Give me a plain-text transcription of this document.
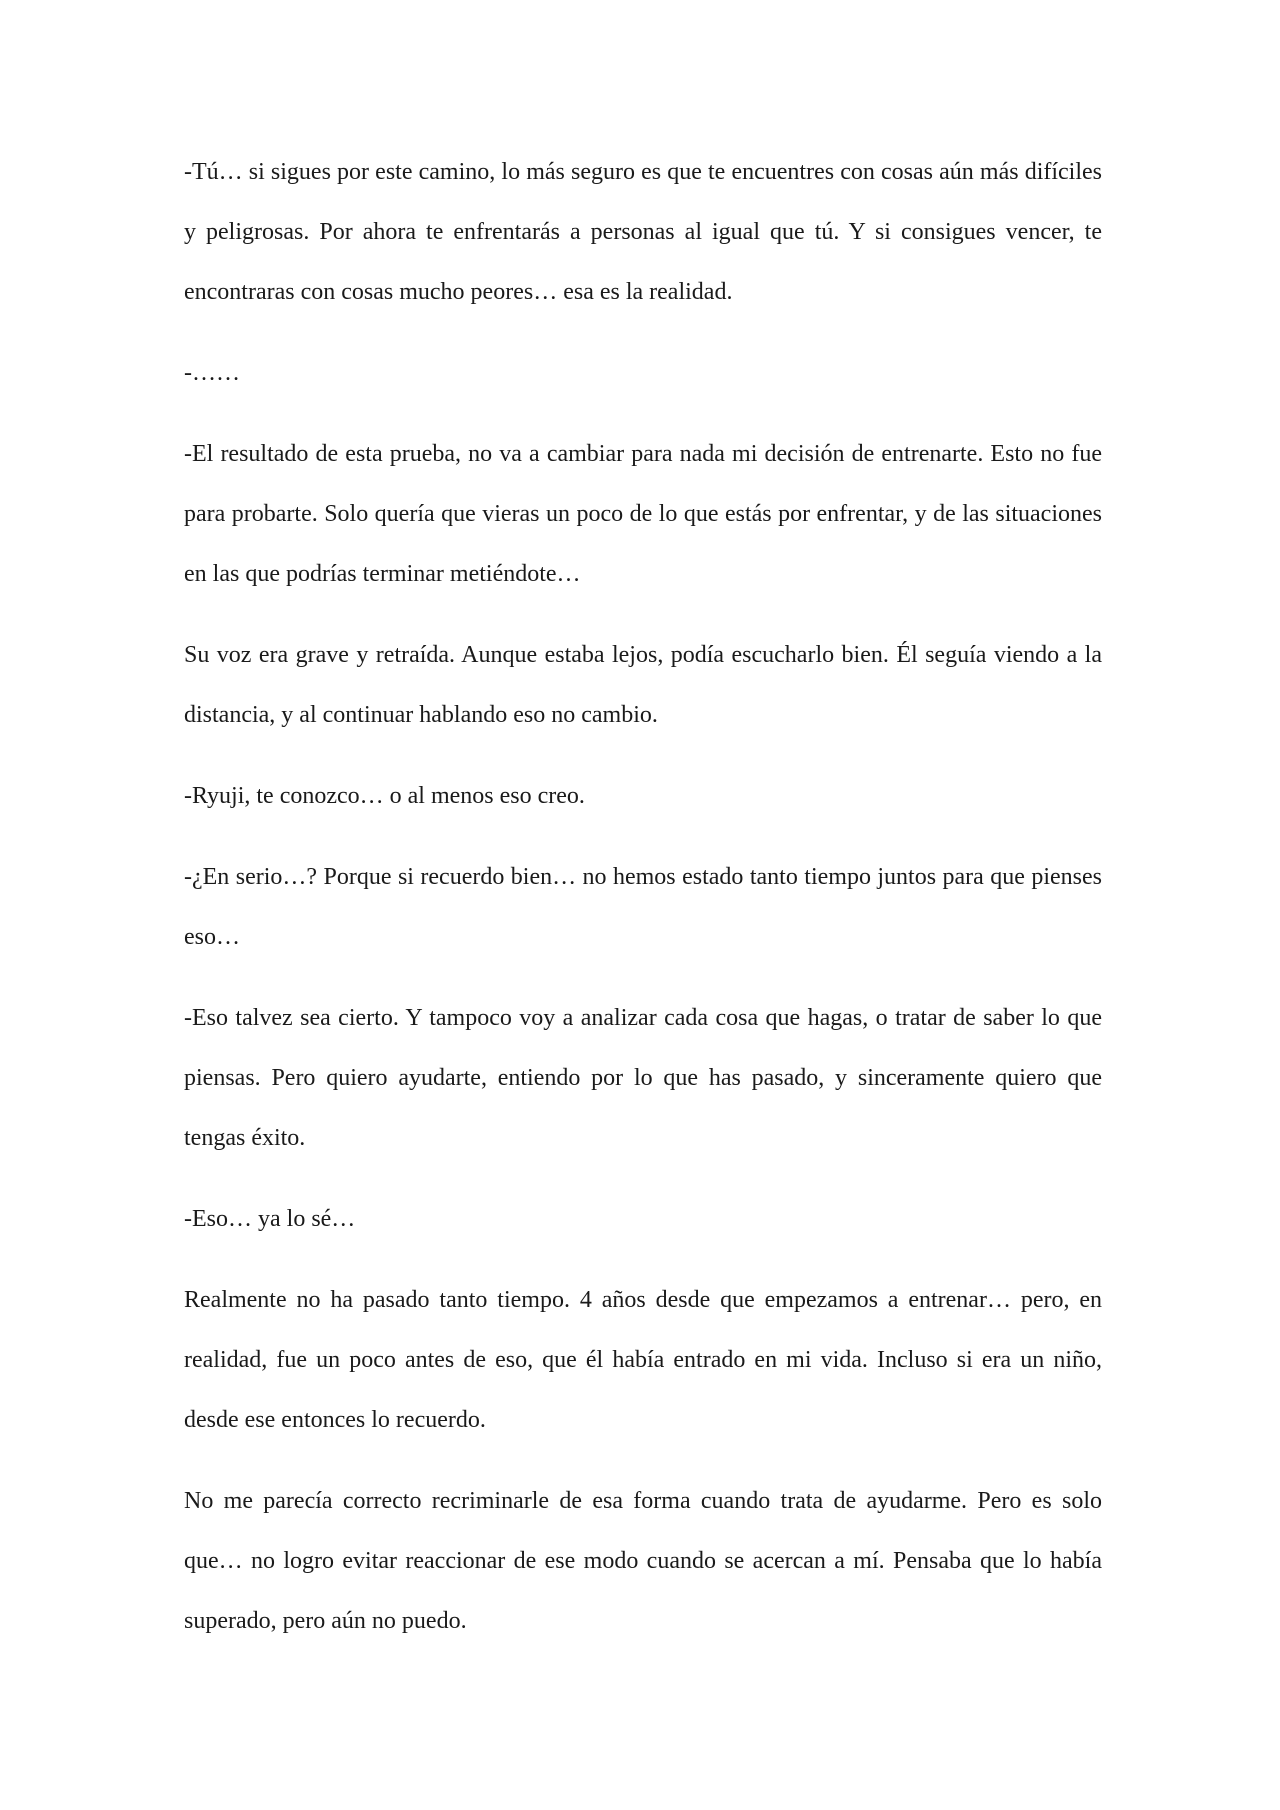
-Tú… si sigues por este camino, lo más seguro es que te encuentres con cosas aún más difíciles y peligrosas. Por ahora te enfrentarás a personas al igual que tú. Y si consigues vencer, te encontraras con cosas mucho peores… esa es la realidad.

-……

-El resultado de esta prueba, no va a cambiar para nada mi decisión de entrenarte. Esto no fue para probarte. Solo quería que vieras un poco de lo que estás por enfrentar, y de las situaciones en las que podrías terminar metiéndote…

Su voz era grave y retraída. Aunque estaba lejos, podía escucharlo bien. Él seguía viendo a la distancia, y al continuar hablando eso no cambio.

-Ryuji, te conozco… o al menos eso creo.

-¿En serio…? Porque si recuerdo bien… no hemos estado tanto tiempo juntos para que pienses eso…

-Eso talvez sea cierto. Y tampoco voy a analizar cada cosa que hagas, o tratar de saber lo que piensas. Pero quiero ayudarte, entiendo por lo que has pasado, y sinceramente quiero que tengas éxito.

-Eso… ya lo sé…

Realmente no ha pasado tanto tiempo. 4 años desde que empezamos a entrenar… pero, en realidad, fue un poco antes de eso, que él había entrado en mi vida. Incluso si era un niño, desde ese entonces lo recuerdo.

No me parecía correcto recriminarle de esa forma cuando trata de ayudarme. Pero es solo que… no logro evitar reaccionar de ese modo cuando se acercan a mí. Pensaba que lo había superado, pero aún no puedo.
